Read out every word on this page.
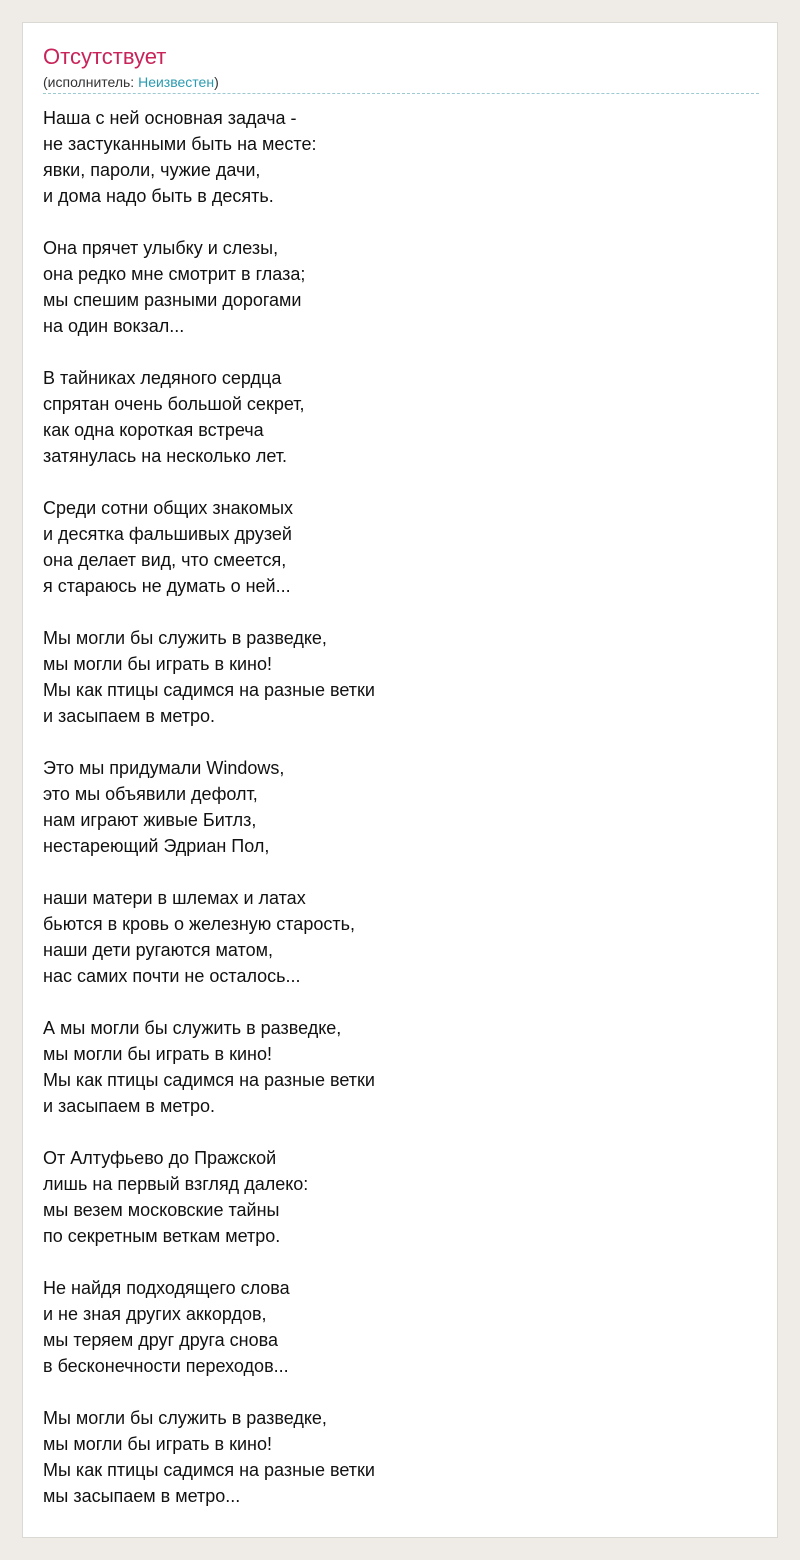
Отсутствует
(исполнитель: Неизвестен)
Наша с ней основная задача -
не застуканными быть на месте:
явки, пароли, чужие дачи,
и дома надо быть в десять.
Она прячет улыбку и слезы,
она редко мне смотрит в глаза;
мы спешим разными дорогами
на один вокзал...
В тайниках ледяного сердца
спрятан очень большой секрет,
как одна короткая встреча
затянулась на несколько лет.
Среди сотни общих знакомых
и десятка фальшивых друзей
она делает вид, что смеется,
я стараюсь не думать о ней...
Мы могли бы служить в разведке,
мы могли бы играть в кино!
Мы как птицы садимся на разные ветки
и засыпаем в метро.
Это мы придумали Windows,
это мы объявили дефолт,
нам играют живые Битлз,
нестареющий Эдриан Пол,
наши матери в шлемах и латах
бьются в кровь о железную старость,
наши дети ругаются матом,
нас самих почти не осталось...
А мы могли бы служить в разведке,
мы могли бы играть в кино!
Мы как птицы садимся на разные ветки
и засыпаем в метро.
От Алтуфьево до Пражской
лишь на первый взгляд далеко:
мы везем московские тайны
по секретным веткам метро.
Не найдя подходящего слова
и не зная других аккордов,
мы теряем друг друга снова
в бесконечности переходов...
Мы могли бы служить в разведке,
мы могли бы играть в кино!
Мы как птицы садимся на разные ветки
мы засыпаем в метро...
